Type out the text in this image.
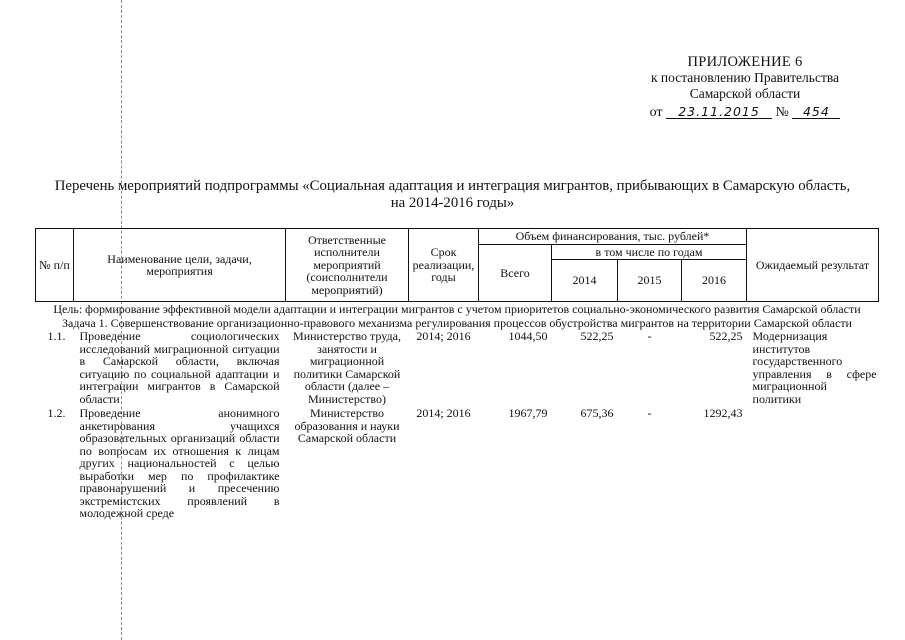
ПРИЛОЖЕНИЕ 6
к постановлению Правительства
Самарской области
от 23.11.2015 № 454
Перечень мероприятий подпрограммы «Социальная адаптация и интеграция мигрантов, прибывающих в Самарскую область,
на 2014-2016 годы»
№ п/п	Наименование цели, задачи, мероприятия	Ответственные исполнители мероприятий (соисполнители мероприятий)	Срок реализации, годы	Объем финансирования, тыс. рублей*				Ожидаемый результат
				Всего	в том числе по годам			
					2014	2015	2016	
Цель: формирование эффективной модели адаптации и интеграции мигрантов с учетом приоритетов социально-экономического развития Самарской области								
Задача 1. Совершенствование организационно-правового механизма регулирования процессов обустройства мигрантов на территории Самарской области								
1.1.	Проведение социологических исследований миграционной ситуации в Самарской области, включая ситуацию по социальной адаптации и интеграции мигрантов в Самарской области	Министерство труда, занятости и миграционной политики Самарской области (далее – Министерство)	2014; 2016	1044,50	522,25	-	522,25	Модернизация институтов государственного управления в сфере миграционной политики
1.2.	Проведение анонимного анкетирования учащихся образовательных организаций области по вопросам их отношения к лицам других национальностей с целью выработки мер по профилактике правонарушений и пресечению экстремистских проявлений в молодежной среде	Министерство образования и науки Самарской области	2014; 2016	1967,79	675,36	-	1292,43	
